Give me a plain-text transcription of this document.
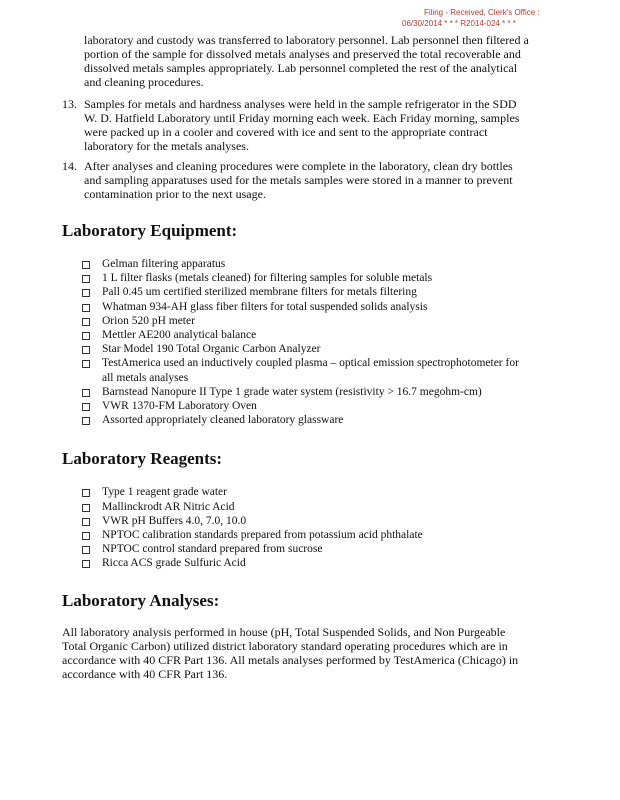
Filing - Received, Clerk's Office :
06/30/2014 * * * R2014-024 * * *
laboratory and custody was transferred to laboratory personnel. Lab personnel then filtered a portion of the sample for dissolved metals analyses and preserved the total recoverable and dissolved metals samples appropriately. Lab personnel completed the rest of the analytical and cleaning procedures.
13. Samples for metals and hardness analyses were held in the sample refrigerator in the SDD W. D. Hatfield Laboratory until Friday morning each week. Each Friday morning, samples were packed up in a cooler and covered with ice and sent to the appropriate contract laboratory for the metals analyses.
14. After analyses and cleaning procedures were complete in the laboratory, clean dry bottles and sampling apparatuses used for the metals samples were stored in a manner to prevent contamination prior to the next usage.
Laboratory Equipment:
Gelman filtering apparatus
1 L filter flasks (metals cleaned) for filtering samples for soluble metals
Pall 0.45 um certified sterilized membrane filters for metals filtering
Whatman 934-AH glass fiber filters for total suspended solids analysis
Orion 520 pH meter
Mettler AE200 analytical balance
Star Model 190 Total Organic Carbon Analyzer
TestAmerica used an inductively coupled plasma – optical emission spectrophotometer for all metals analyses
Barnstead Nanopure II Type 1 grade water system (resistivity > 16.7 megohm-cm)
VWR 1370-FM Laboratory Oven
Assorted appropriately cleaned laboratory glassware
Laboratory Reagents:
Type 1 reagent grade water
Mallinckrodt AR Nitric Acid
VWR pH Buffers 4.0, 7.0, 10.0
NPTOC calibration standards prepared from potassium acid phthalate
NPTOC control standard prepared from sucrose
Ricca ACS grade Sulfuric Acid
Laboratory Analyses:
All laboratory analysis performed in house (pH, Total Suspended Solids, and Non Purgeable Total Organic Carbon) utilized district laboratory standard operating procedures which are in accordance with 40 CFR Part 136. All metals analyses performed by TestAmerica (Chicago) in accordance with 40 CFR Part 136.
